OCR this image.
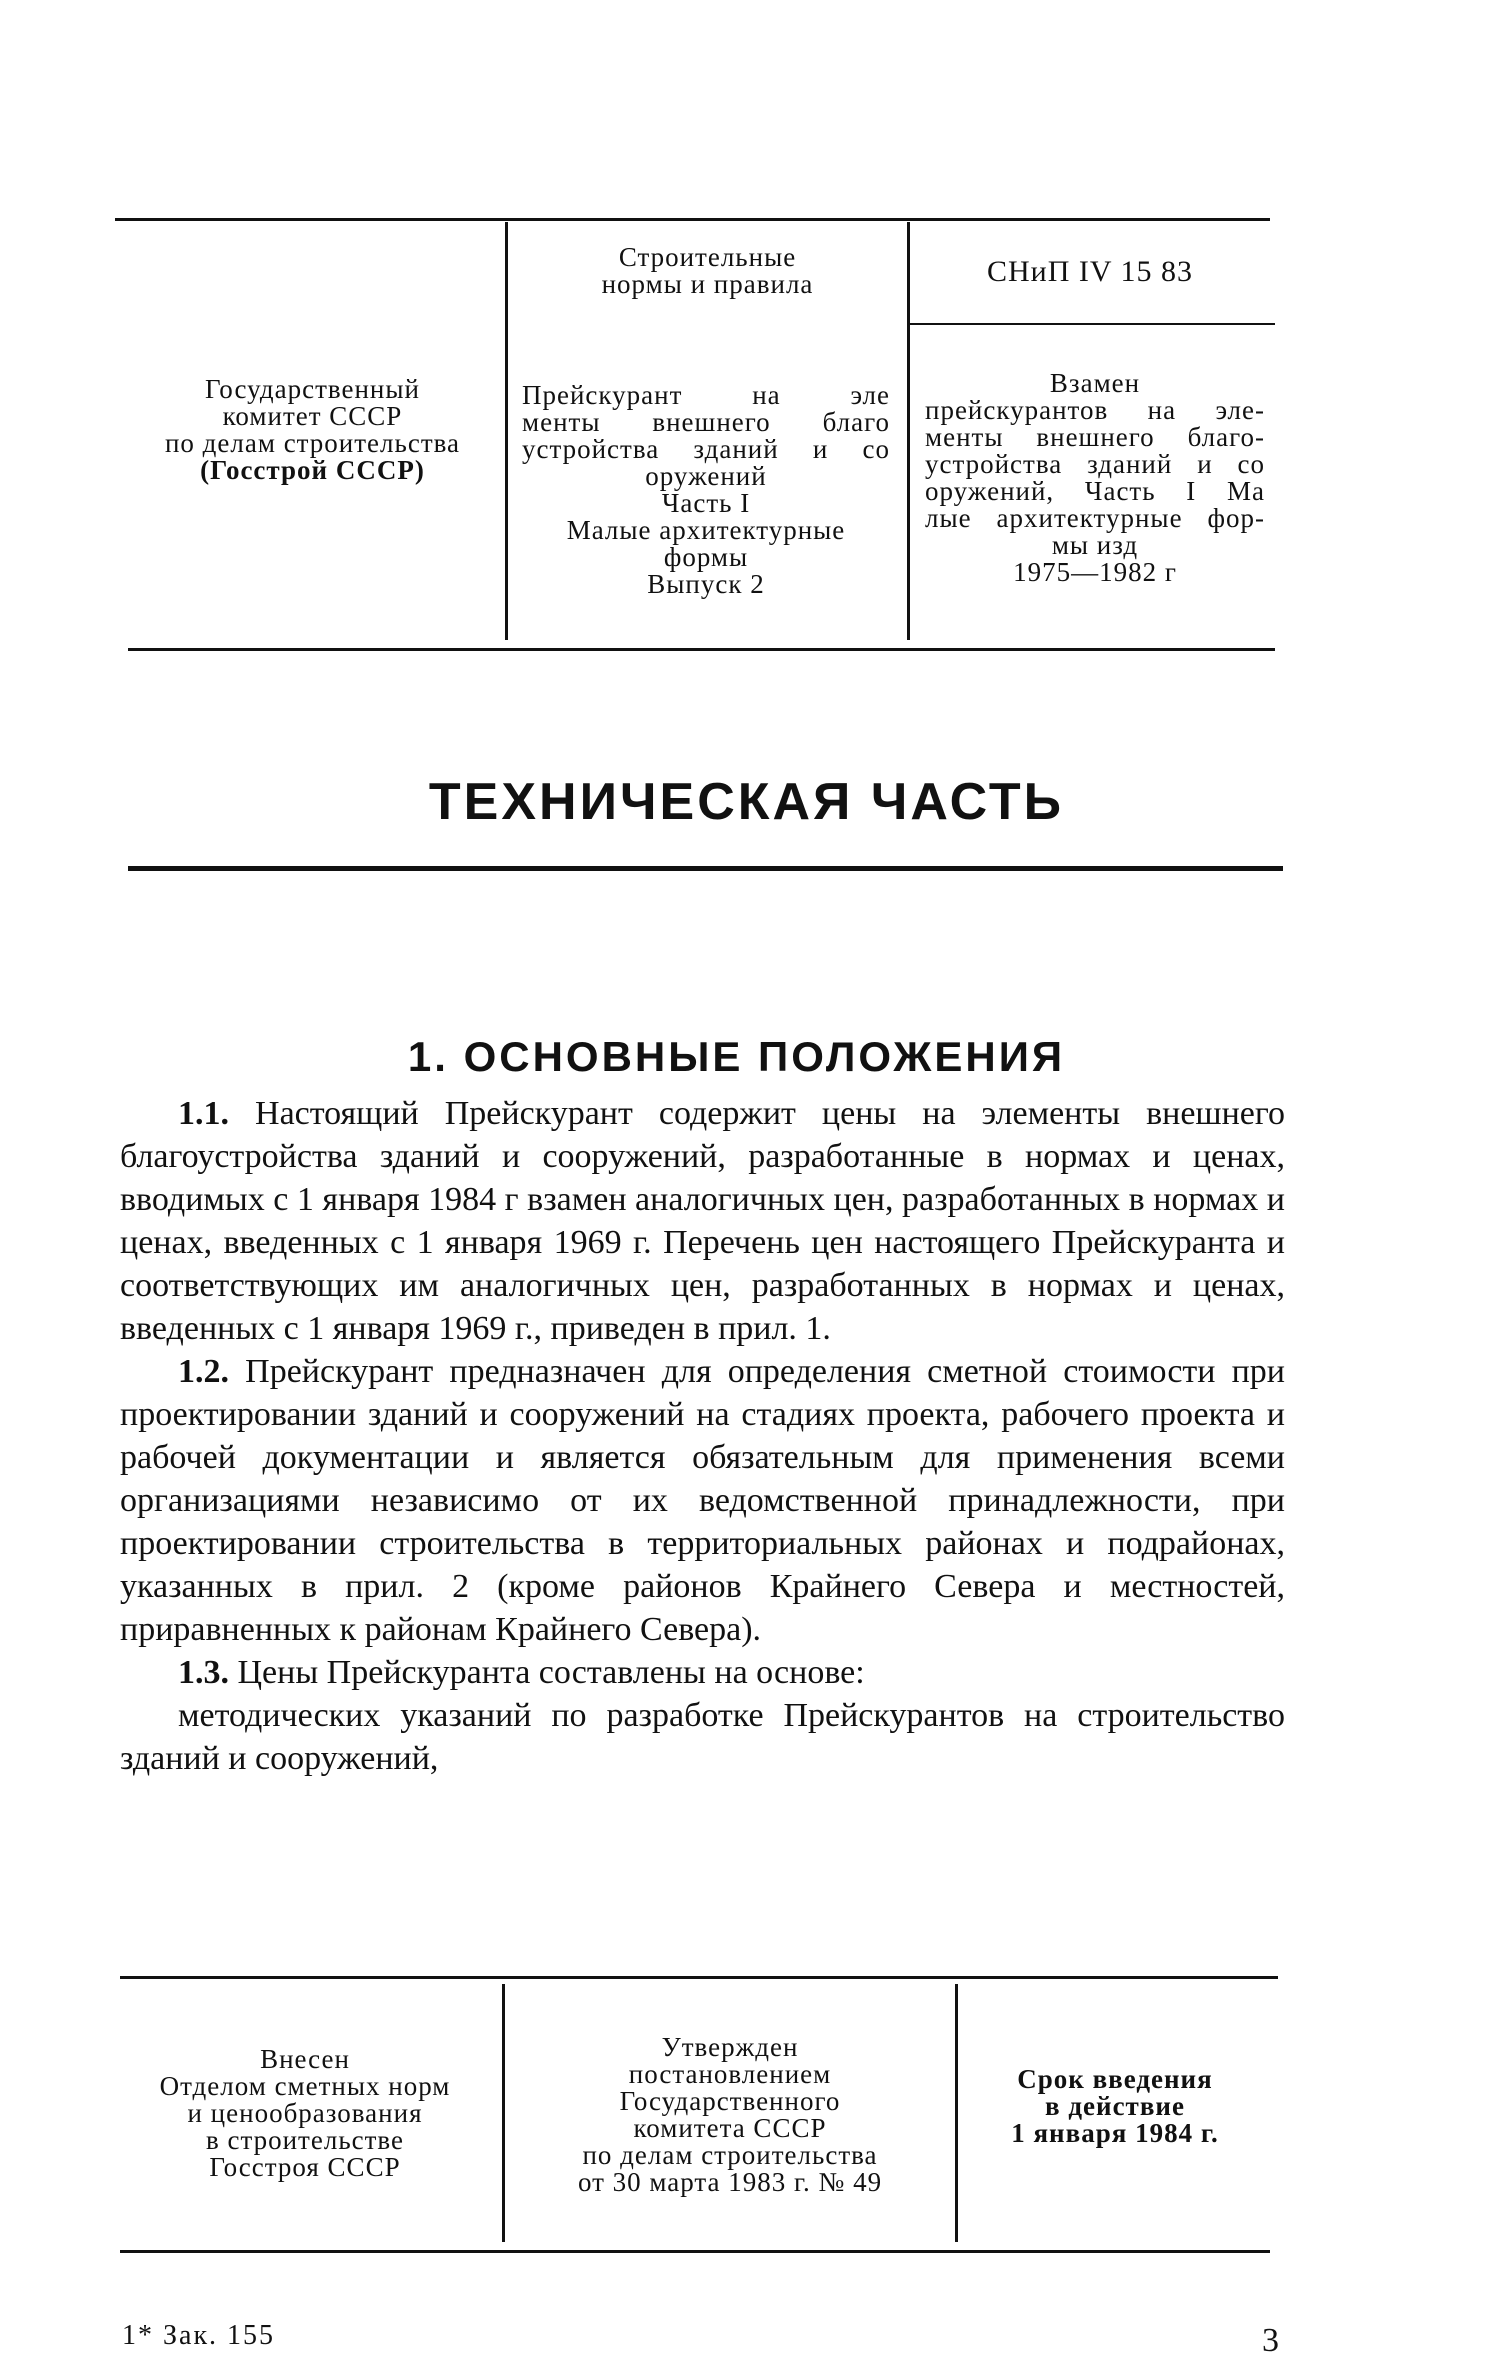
Строительные
нормы и правила	СНиП IV 15 83
Государственный
комитет СССР
по делам строительства
(Госстрой СССР)
Прейскурант на эле
менты внешнего благо
устройства зданий и со
оружений
Часть I
Малые архитектурные
формы
Выпуск 2
Взамен
прейскурантов на эле-
менты внешнего благо-
устройства зданий и со
оружений, Часть I Ма
лые архитектурные фор-
мы изд
1975—1982 г
ТЕХНИЧЕСКАЯ ЧАСТЬ
1. ОСНОВНЫЕ ПОЛОЖЕНИЯ

1.1. Настоящий Прейскурант содержит цены на элементы внешнего благоустройства зданий и сооружений, разработанные в нормах и ценах, вводимых с 1 января 1984 г взамен аналогичных цен, разработанных в нормах и ценах, введенных с 1 января 1969 г. Перечень цен настоящего Прейскуранта и соответствующих им аналогичных цен, разработанных в нормах и ценах, введенных с 1 января 1969 г., приведен в прил. 1.

1.2. Прейскурант предназначен для определения сметной стоимости при проектировании зданий и сооружений на стадиях проекта, рабочего проекта и рабочей документации и является обязательным для применения всеми организациями независимо от их ведомственной принадлежности, при проектировании строительства в территориальных районах и подрайонах, указанных в прил. 2 (кроме районов Крайнего Севера и местностей, приравненных к районам Крайнего Севера).

1.3. Цены Прейскуранта составлены на основе:

методических указаний по разработке Прейскурантов на строительство зданий и сооружений,

Внесен
Отделом сметных норм
и ценообразования
в строительстве
Госстроя СССР
Утвержден
постановлением
Государственного
комитета СССР
по делам строительства
от 30 марта 1983 г. № 49
Срок введения
в действие
1 января 1984 г.
1* Зак. 155	3
